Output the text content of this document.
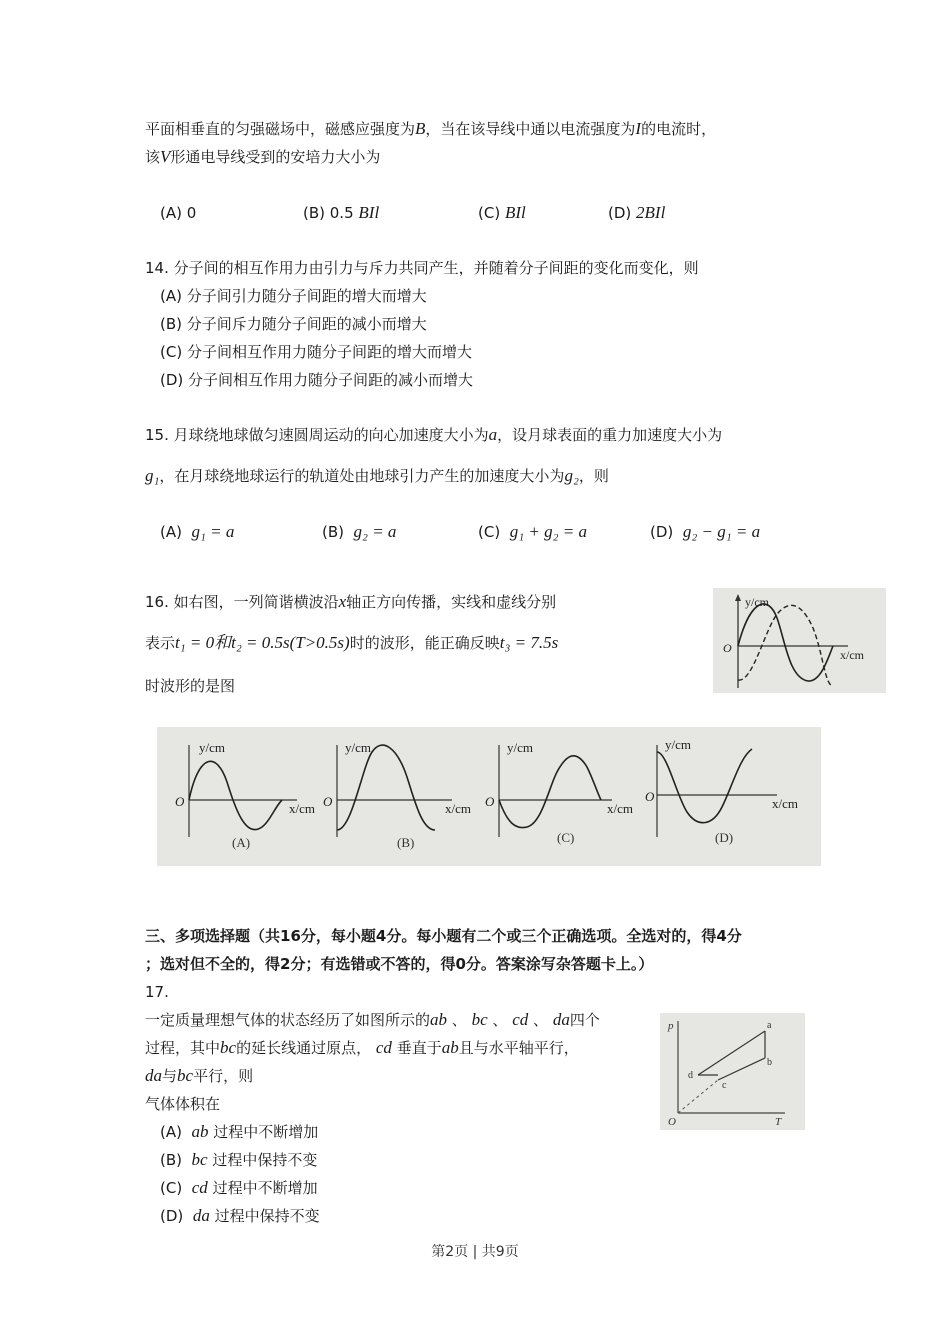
平面相垂直的匀强磁场中，磁感应强度为B，当在该导线中通以电流强度为I的电流时，
该V形通电导线受到的安培力大小为
(A) 0	(B) 0.5 BIl	(C) BIl	(D) 2BIl
14. 分子间的相互作用力由引力与斥力共同产生，并随着分子间距的变化而变化，则
(A) 分子间引力随分子间距的增大而增大
(B) 分子间斥力随分子间距的减小而增大
(C) 分子间相互作用力随分子间距的增大而增大
(D) 分子间相互作用力随分子间距的减小而增大
15. 月球绕地球做匀速圆周运动的向心加速度大小为a，设月球表面的重力加速度大小为
g₁，在月球绕地球运行的轨道处由地球引力产生的加速度大小为g₂，则
(A) g₁ = a	(B) g₂ = a	(C) g₁ + g₂ = a	(D) g₂ − g₁ = a
16. 如右图，一列简谐横波沿x轴正方向传播，实线和虚线分别
表示t₁ = 0和t₂ = 0.5s(T>0.5s)时的波形，能正确反映t₃ = 7.5s
时波形的是图
y/cm
x/cm
O
y/cm
x/cm
O
(A)
y/cm
x/cm
O
(B)
y/cm
x/cm
O
(C)
y/cm
x/cm
O
(D)
三、多项选择题（共16分，每小题4分。每小题有二个或三个正确选项。全选对的，得4分
；选对但不全的，得2分；有选错或不答的，得0分。答案涂写杂答题卡上。）
17.
一定质量理想气体的状态经历了如图所示的ab 、 bc 、 cd 、 da四个
过程，其中bc的延长线通过原点， cd 垂直于ab且与水平轴平行，
da与bc平行，则
气体体积在
(A) ab 过程中不断增加
(B) bc 过程中保持不变
(C) cd 过程中不断增加
(D) da 过程中保持不变
p
T
O
a
b
c
d
第2页 | 共9页
